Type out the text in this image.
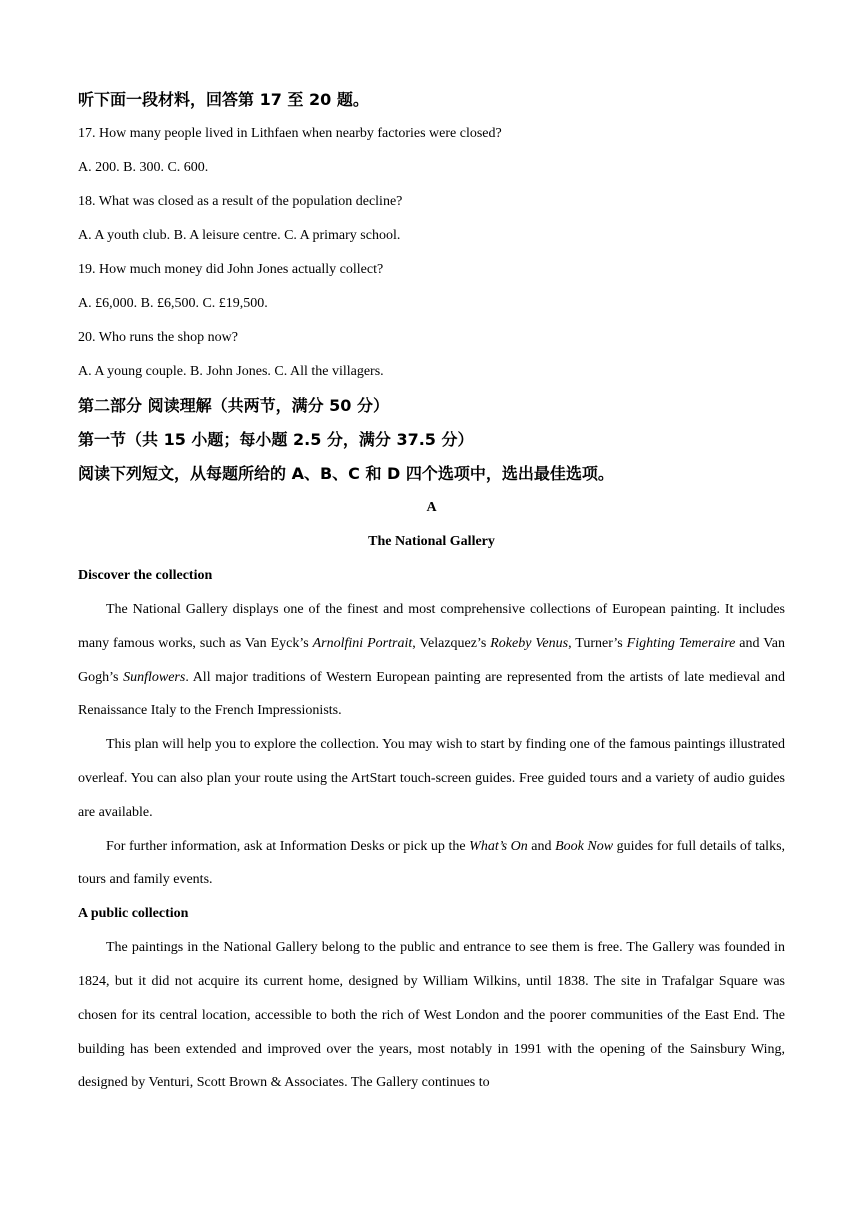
听下面一段材料，回答第 17 至 20 题。

17. How many people lived in Lithfaen when nearby factories were closed?

A. 200. B. 300. C. 600.

18. What was closed as a result of the population decline?

A. A youth club. B. A leisure centre. C. A primary school.

19. How much money did John Jones actually collect?

A. £6,000. B. £6,500. C. £19,500.

20. Who runs the shop now?

A. A young couple. B. John Jones. C. All the villagers.

第二部分 阅读理解（共两节，满分 50 分）

第一节（共 15 小题；每小题 2.5 分，满分 37.5 分）

阅读下列短文，从每题所给的 A、B、C 和 D 四个选项中，选出最佳选项。

A

The National Gallery

Discover the collection

The National Gallery displays one of the finest and most comprehensive collections of European painting. It includes many famous works, such as Van Eyck’s Arnolfini Portrait, Velazquez’s Rokeby Venus, Turner’s Fighting Temeraire and Van Gogh’s Sunflowers. All major traditions of Western European painting are represented from the artists of late medieval and Renaissance Italy to the French Impressionists.

This plan will help you to explore the collection. You may wish to start by finding one of the famous paintings illustrated overleaf. You can also plan your route using the ArtStart touch-screen guides. Free guided tours and a variety of audio guides are available.

For further information, ask at Information Desks or pick up the What’s On and Book Now guides for full details of talks, tours and family events.

A public collection

The paintings in the National Gallery belong to the public and entrance to see them is free. The Gallery was founded in 1824, but it did not acquire its current home, designed by William Wilkins, until 1838. The site in Trafalgar Square was chosen for its central location, accessible to both the rich of West London and the poorer communities of the East End. The building has been extended and improved over the years, most notably in 1991 with the opening of the Sainsbury Wing, designed by Venturi, Scott Brown & Associates. The Gallery continues to
